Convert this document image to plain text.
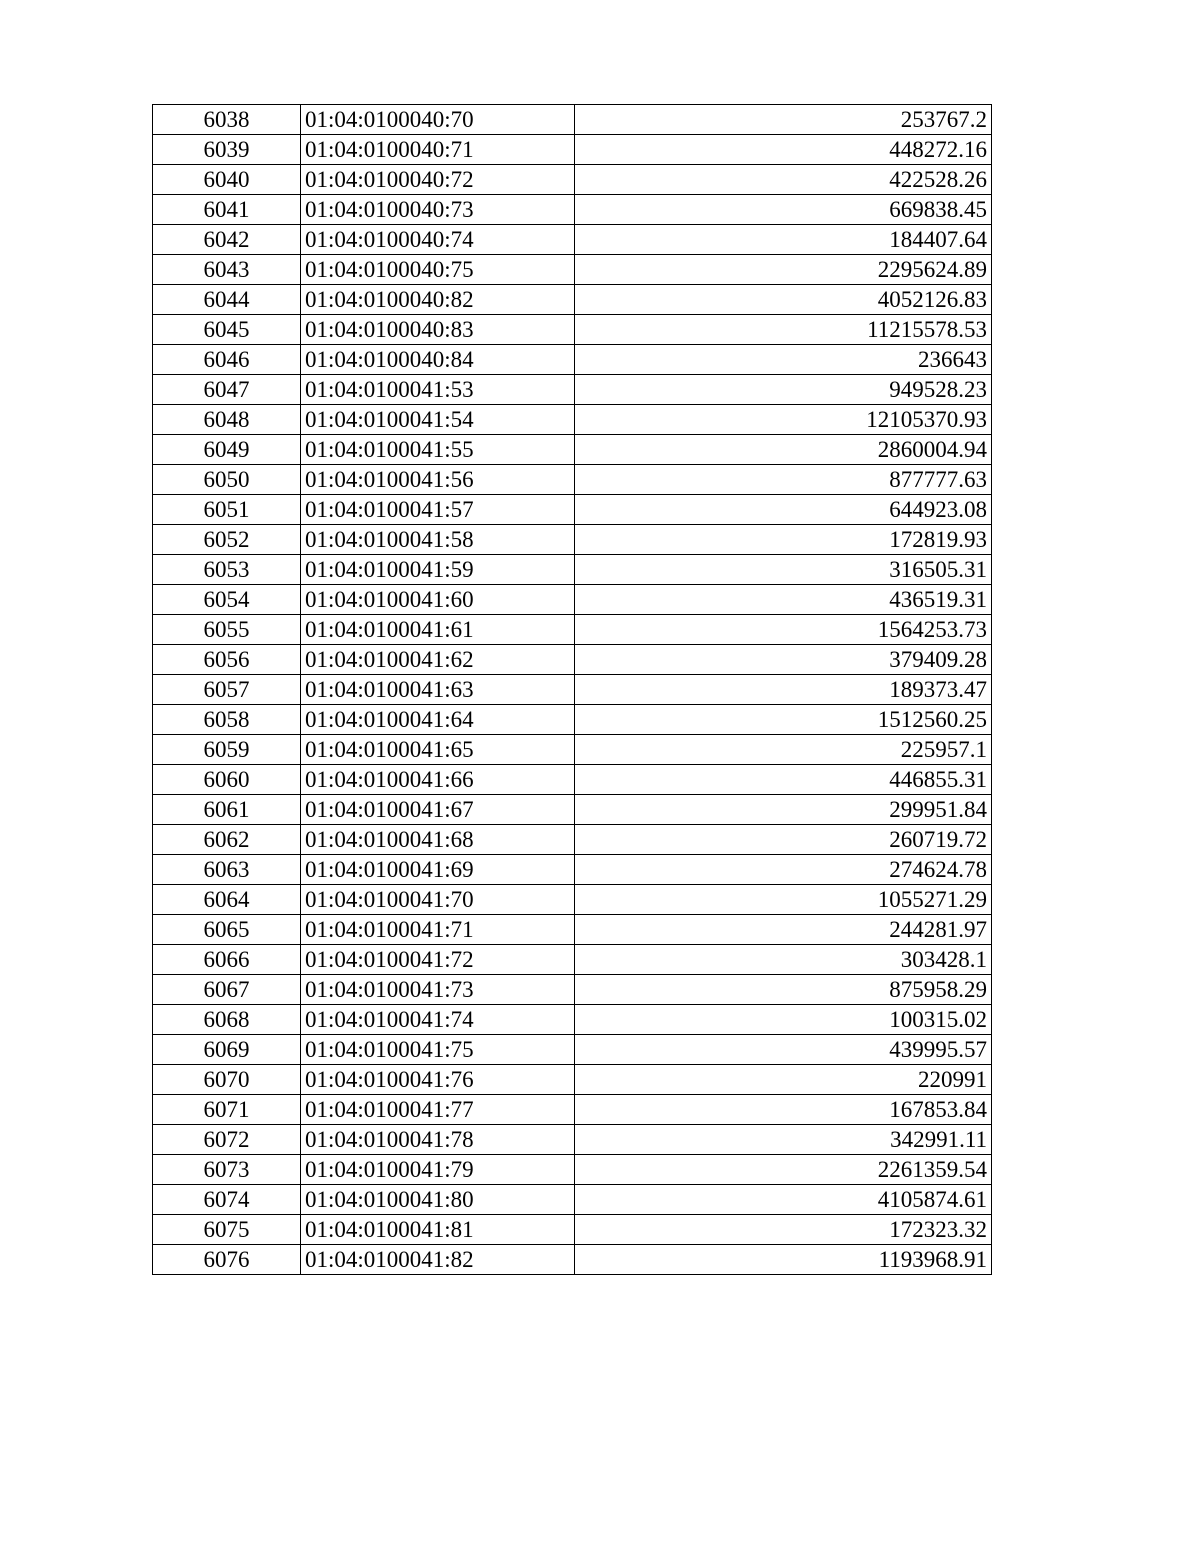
6038	01:04:0100040:70	253767.2
6039	01:04:0100040:71	448272.16
6040	01:04:0100040:72	422528.26
6041	01:04:0100040:73	669838.45
6042	01:04:0100040:74	184407.64
6043	01:04:0100040:75	2295624.89
6044	01:04:0100040:82	4052126.83
6045	01:04:0100040:83	11215578.53
6046	01:04:0100040:84	236643
6047	01:04:0100041:53	949528.23
6048	01:04:0100041:54	12105370.93
6049	01:04:0100041:55	2860004.94
6050	01:04:0100041:56	877777.63
6051	01:04:0100041:57	644923.08
6052	01:04:0100041:58	172819.93
6053	01:04:0100041:59	316505.31
6054	01:04:0100041:60	436519.31
6055	01:04:0100041:61	1564253.73
6056	01:04:0100041:62	379409.28
6057	01:04:0100041:63	189373.47
6058	01:04:0100041:64	1512560.25
6059	01:04:0100041:65	225957.1
6060	01:04:0100041:66	446855.31
6061	01:04:0100041:67	299951.84
6062	01:04:0100041:68	260719.72
6063	01:04:0100041:69	274624.78
6064	01:04:0100041:70	1055271.29
6065	01:04:0100041:71	244281.97
6066	01:04:0100041:72	303428.1
6067	01:04:0100041:73	875958.29
6068	01:04:0100041:74	100315.02
6069	01:04:0100041:75	439995.57
6070	01:04:0100041:76	220991
6071	01:04:0100041:77	167853.84
6072	01:04:0100041:78	342991.11
6073	01:04:0100041:79	2261359.54
6074	01:04:0100041:80	4105874.61
6075	01:04:0100041:81	172323.32
6076	01:04:0100041:82	1193968.91
